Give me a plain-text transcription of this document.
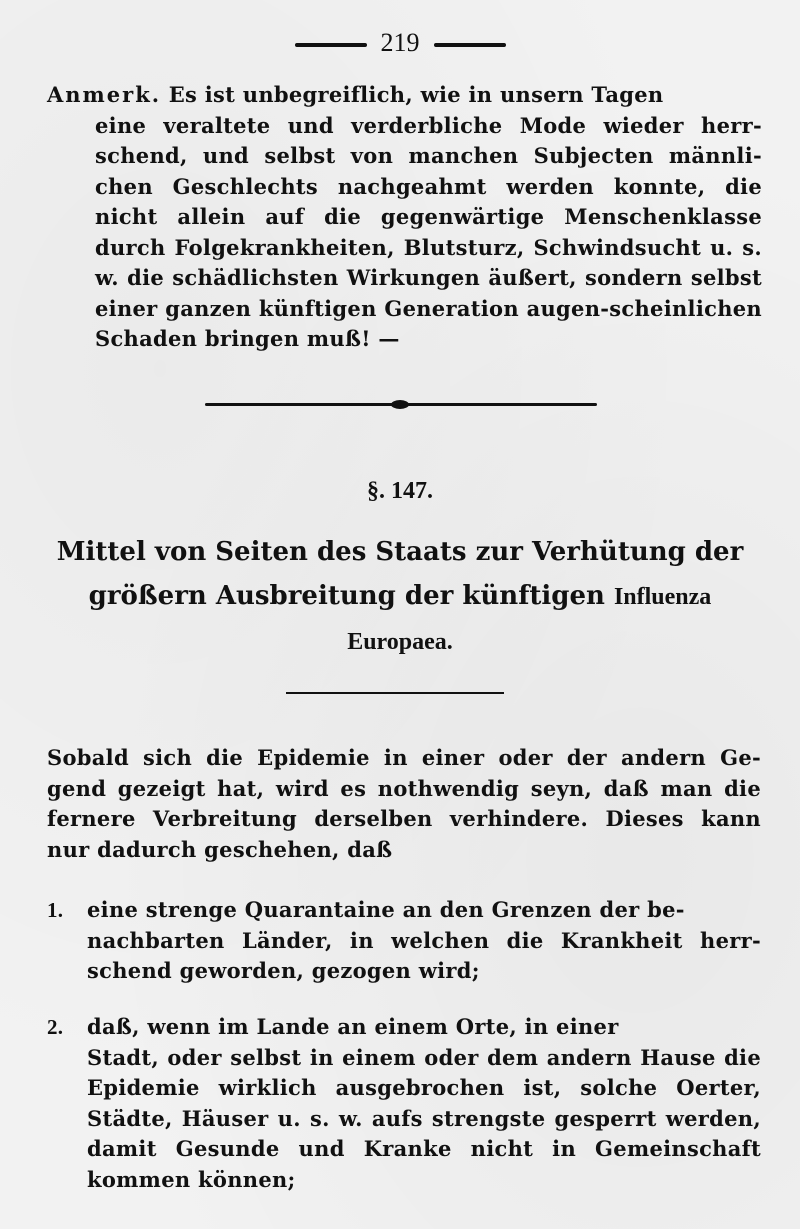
219
Anmerk. Es ist unbegreiflich, wie in unsern Tagen
eine veraltete und verderbliche Mode wieder herr-schend, und selbst von manchen Subjecten männli-chen Geschlechts nachgeahmt werden konnte, die nicht allein auf die gegenwärtige Menschenklasse durch Folgekrankheiten, Blutsturz, Schwindsucht u. s. w. die schädlichsten Wirkungen äußert, sondern selbst einer ganzen künftigen Generation augen-scheinlichen Schaden bringen muß! —
§. 147.
Mittel von Seiten des Staats zur Verhütung der größern Ausbreitung der künftigen Influenza Europaea.
Sobald sich die Epidemie in einer oder der andern Ge-gend gezeigt hat, wird es nothwendig seyn, daß man die fernere Verbreitung derselben verhindere. Dieses kann nur dadurch geschehen, daß
1. eine strenge Quarantaine an den Grenzen der be-
nachbarten Länder, in welchen die Krankheit herr-schend geworden, gezogen wird;
2. daß, wenn im Lande an einem Orte, in einer
Stadt, oder selbst in einem oder dem andern Hause die Epidemie wirklich ausgebrochen ist, solche Oerter, Städte, Häuser u. s. w. aufs strengste gesperrt werden, damit Gesunde und Kranke nicht in Gemeinschaft kommen können;
